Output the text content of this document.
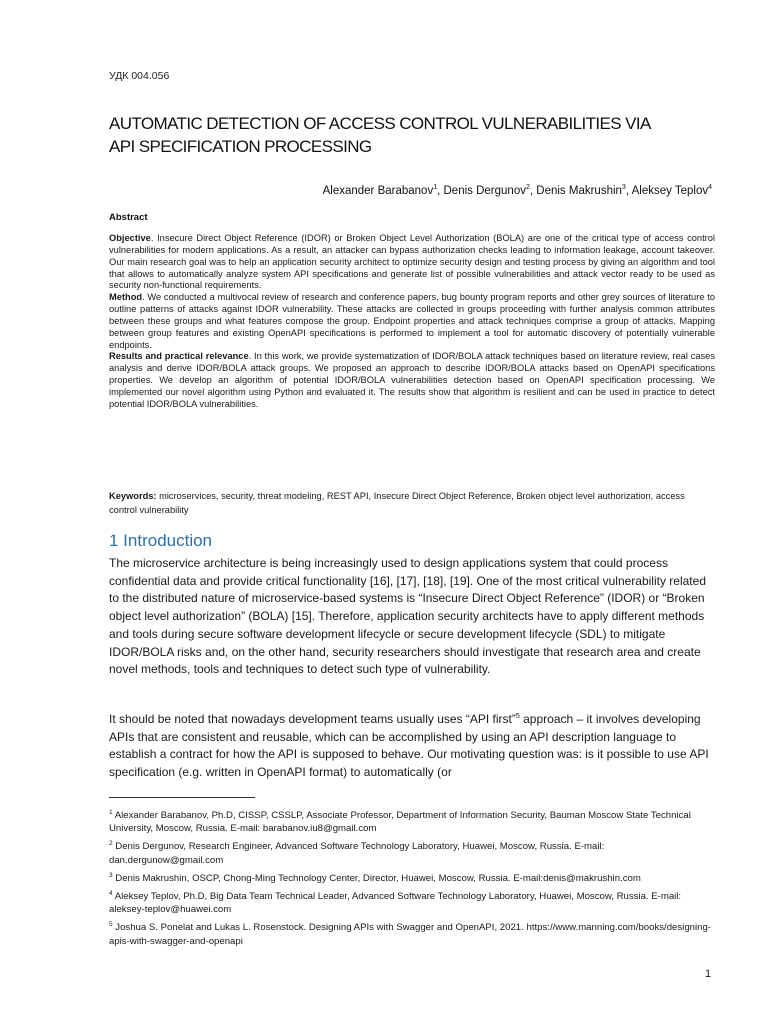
УДК 004.056
AUTOMATIC DETECTION OF ACCESS CONTROL VULNERABILITIES VIA API SPECIFICATION PROCESSING
Alexander Barabanov$^1$, Denis Dergunov$^2$, Denis Makrushin$^3$, Aleksey Teplov$^4$
Abstract

Objective. Insecure Direct Object Reference (IDOR) or Broken Object Level Authorization (BOLA) are one of the critical type of access control vulnerabilities for modern applications. As a result, an attacker can bypass authorization checks leading to information leakage, account takeover. Our main research goal was to help an application security architect to optimize security design and testing process by giving an algorithm and tool that allows to automatically analyze system API specifications and generate list of possible vulnerabilities and attack vector ready to be used as security non-functional requirements.

Method. We conducted a multivocal review of research and conference papers, bug bounty program reports and other grey sources of literature to outline patterns of attacks against IDOR vulnerability. These attacks are collected in groups proceeding with further analysis common attributes between these groups and what features compose the group. Endpoint properties and attack techniques comprise a group of attacks. Mapping between group features and existing OpenAPI specifications is performed to implement a tool for automatic discovery of potentially vulnerable endpoints.

Results and practical relevance. In this work, we provide systematization of IDOR/BOLA attack techniques based on literature review, real cases analysis and derive IDOR/BOLA attack groups. We proposed an approach to describe IDOR/BOLA attacks based on OpenAPI specifications properties. We develop an algorithm of potential IDOR/BOLA vulnerabilities detection based on OpenAPI specification processing. We implemented our novel algorithm using Python and evaluated it. The results show that algorithm is resilient and can be used in practice to detect potential IDOR/BOLA vulnerabilities.

Keywords: microservices, security, threat modeling, REST API, Insecure Direct Object Reference, Broken object level authorization, access control vulnerability
1 Introduction

The microservice architecture is being increasingly used to design applications system that could process confidential data and provide critical functionality [16], [17], [18], [19]. One of the most critical vulnerability related to the distributed nature of microservice-based systems is “Insecure Direct Object Reference” (IDOR) or “Broken object level authorization” (BOLA) [15]. Therefore, application security architects have to apply different methods and tools during secure software development lifecycle or secure development lifecycle (SDL) to mitigate IDOR/BOLA risks and, on the other hand, security researchers should investigate that research area and create novel methods, tools and techniques to detect such type of vulnerability.

It should be noted that nowadays development teams usually uses “API first”$^5$ approach – it involves developing APIs that are consistent and reusable, which can be accomplished by using an API description language to establish a contract for how the API is supposed to behave. Our motivating question was: is it possible to use API specification (e.g. written in OpenAPI format) to automatically (or

$^1$ Alexander Barabanov, Ph.D, CISSP, CSSLP, Associate Professor, Department of Information Security, Bauman Moscow State Technical University, Moscow, Russia. E-mail: barabanov.iu8@gmail.com

$^2$ Denis Dergunov, Research Engineer, Advanced Software Technology Laboratory, Huawei, Moscow, Russia. E-mail: dan.dergunow@gmail.com

$^3$ Denis Makrushin, OSCP, Chong-Ming Technology Center, Director, Huawei, Moscow, Russia. E-mail:denis@makrushin.com

$^4$ Aleksey Teplov, Ph.D, Big Data Team Technical Leader, Advanced Software Technology Laboratory, Huawei, Moscow, Russia. E-mail: aleksey-teplov@huawei.com

$^5$ Joshua S. Ponelat and Lukas L. Rosenstock. Designing APIs with Swagger and OpenAPI, 2021. https://www.manning.com/books/designing-apis-with-swagger-and-openapi

1
